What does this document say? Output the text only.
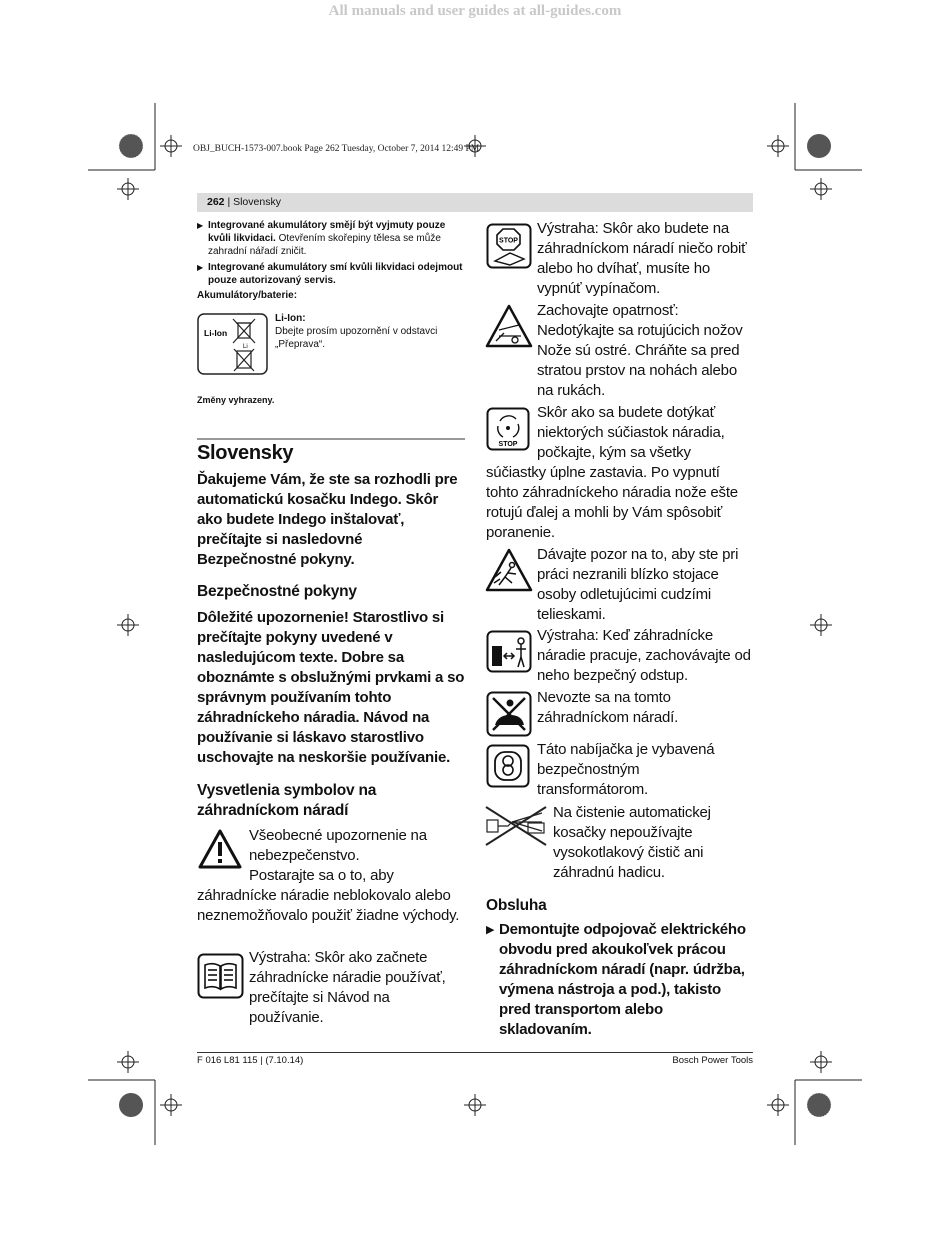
All manuals and user guides at all-guides.com
OBJ_BUCH-1573-007.book Page 262 Tuesday, October 7, 2014 12:49 PM
262 | Slovensky
▶ Integrované akumulátory smějí být vyjmuty pouze kvůli likvidaci. Otevřením skořepiny tělesa se může zahradní nářadí zničit.
▶ Integrované akumulátory smí kvůli likvidaci odejmout pouze autorizovaný servis.
Akumulátory/baterie:
Li-Ion
Li
Li-Ion:
Dbejte prosím upozornění v odstavci „Přeprava“.
Změny vyhrazeny.
Slovensky
Ďakujeme Vám, že ste sa rozhodli pre automatickú kosačku Indego. Skôr ako budete Indego inštalovať, prečítajte si nasledovné Bezpečnostné pokyny.
Bezpečnostné pokyny
Dôležité upozornenie! Starostlivo si prečítajte pokyny uvedené v nasledujúcom texte. Dobre sa oboznámte s obslužnými prvkami a so správnym používaním tohto záhradníckeho náradia. Návod na používanie si láskavo starostlivo uschovajte na neskoršie používanie.
Vysvetlenia symbolov na záhradníckom náradí
Všeobecné upozornenie na
nebezpečenstvo.
Postarajte sa o to, aby
záhradnícke náradie neblokovalo alebo neznemožňovalo použiť žiadne východy.
Výstraha: Skôr ako začnete záhradnícke náradie používať, prečítajte si Návod na používanie.
STOP
Výstraha: Skôr ako budete na záhradníckom náradí niečo robiť alebo ho dvíhať, musíte ho vypnúť vypínačom.
Zachovajte opatrnosť: Nedotýkajte sa rotujúcich nožov Nože sú ostré. Chráňte sa pred stratou prstov na nohách alebo na rukách.
STOP
Skôr ako sa budete dotýkať
niektorých súčiastok náradia,
počkajte, kým sa všetky
súčiastky úplne zastavia. Po vypnutí tohto záhradníckeho náradia nože ešte rotujú ďalej a mohli by Vám spôsobiť poranenie.
Dávajte pozor na to, aby ste pri práci nezranili blízko stojace osoby odletujúcimi cudzími telieskami.
Výstraha: Keď záhradnícke náradie pracuje, zachovávajte od neho bezpečný odstup.
Nevozte sa na tomto záhradníckom náradí.
Táto nabíjačka je vybavená bezpečnostným transformátorom.
Na čistenie automatickej kosačky nepoužívajte vysokotlakový čistič ani záhradnú hadicu.
Obsluha
▶ Demontujte odpojovač elektrického obvodu pred akoukoľvek prácou záhradníckom náradí (napr. údržba, výmena nástroja a pod.), takisto pred transportom alebo skladovaním.
F 016 L81 115 | (7.10.14)	Bosch Power Tools
